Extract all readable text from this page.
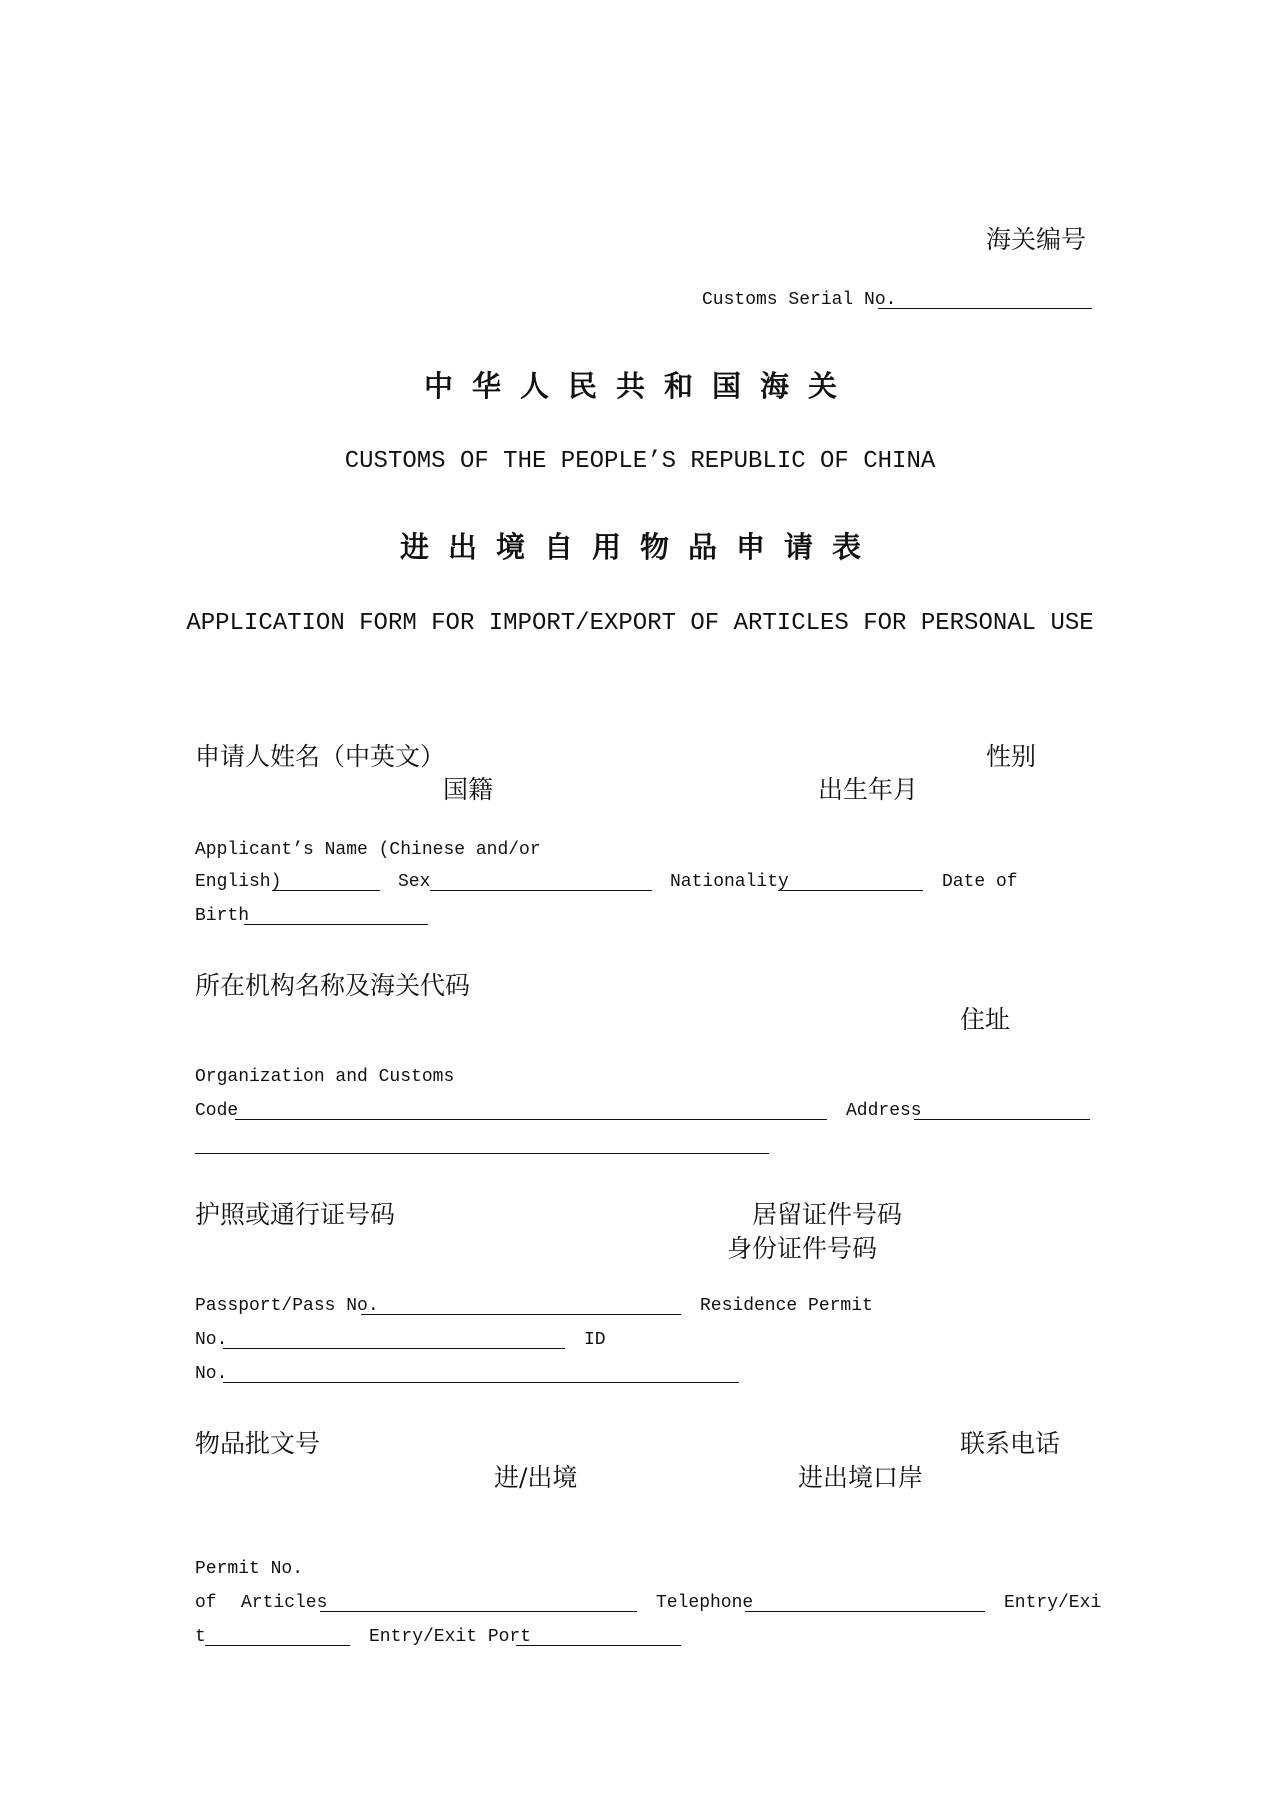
海关编号
Customs Serial No.
中华人民共和国海关
CUSTOMS OF THE PEOPLE’S REPUBLIC OF CHINA
进出境自用物品申请表
APPLICATION FORM FOR IMPORT/EXPORT OF ARTICLES FOR PERSONAL USE
申请人姓名（中英文）	性别
国籍	出生年月
Applicant’s Name (Chinese and/or
English)	Sex	Nationality	Date of
Birth
所在机构名称及海关代码
住址
Organization and Customs
Code	Address
护照或通行证号码	居留证件号码
身份证件号码
Passport/Pass No.	Residence Permit
No.	ID
No.
物品批文号	联系电话
进/出境	进出境口岸
Permit No.
of Articles	Telephone	Entry/Exi
t	Entry/Exit Port
